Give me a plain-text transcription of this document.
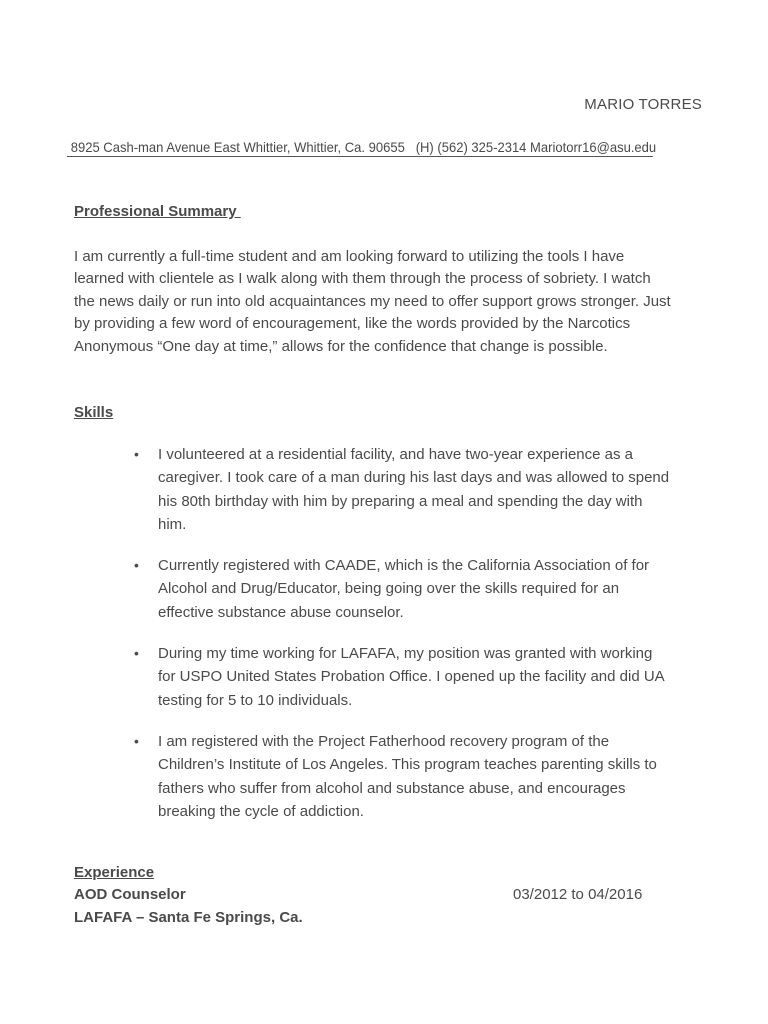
MARIO TORRES
8925 Cash-man Avenue East Whittier, Whittier, Ca. 90655   (H) (562) 325-2314 Mariotorr16@asu.edu
Professional Summary
I am currently a full-time student and am looking forward to utilizing the tools I have learned with clientele as I walk along with them through the process of sobriety. I watch the news daily or run into old acquaintances my need to offer support grows stronger. Just by providing a few word of encouragement, like the words provided by the Narcotics Anonymous “One day at time,” allows for the confidence that change is possible.
Skills
• I volunteered at a residential facility, and have two-year experience as a caregiver. I took care of a man during his last days and was allowed to spend his 80th birthday with him by preparing a meal and spending the day with him.
• Currently registered with CAADE, which is the California Association of for Alcohol and Drug/Educator, being going over the skills required for an effective substance abuse counselor.
• During my time working for LAFAFA, my position was granted with working for USPO United States Probation Office. I opened up the facility and did UA testing for 5 to 10 individuals.
• I am registered with the Project Fatherhood recovery program of the Children’s Institute of Los Angeles. This program teaches parenting skills to fathers who suffer from alcohol and substance abuse, and encourages breaking the cycle of addiction.
Experience
AOD Counselor	03/2012 to 04/2016
LAFAFA – Santa Fe Springs, Ca.
